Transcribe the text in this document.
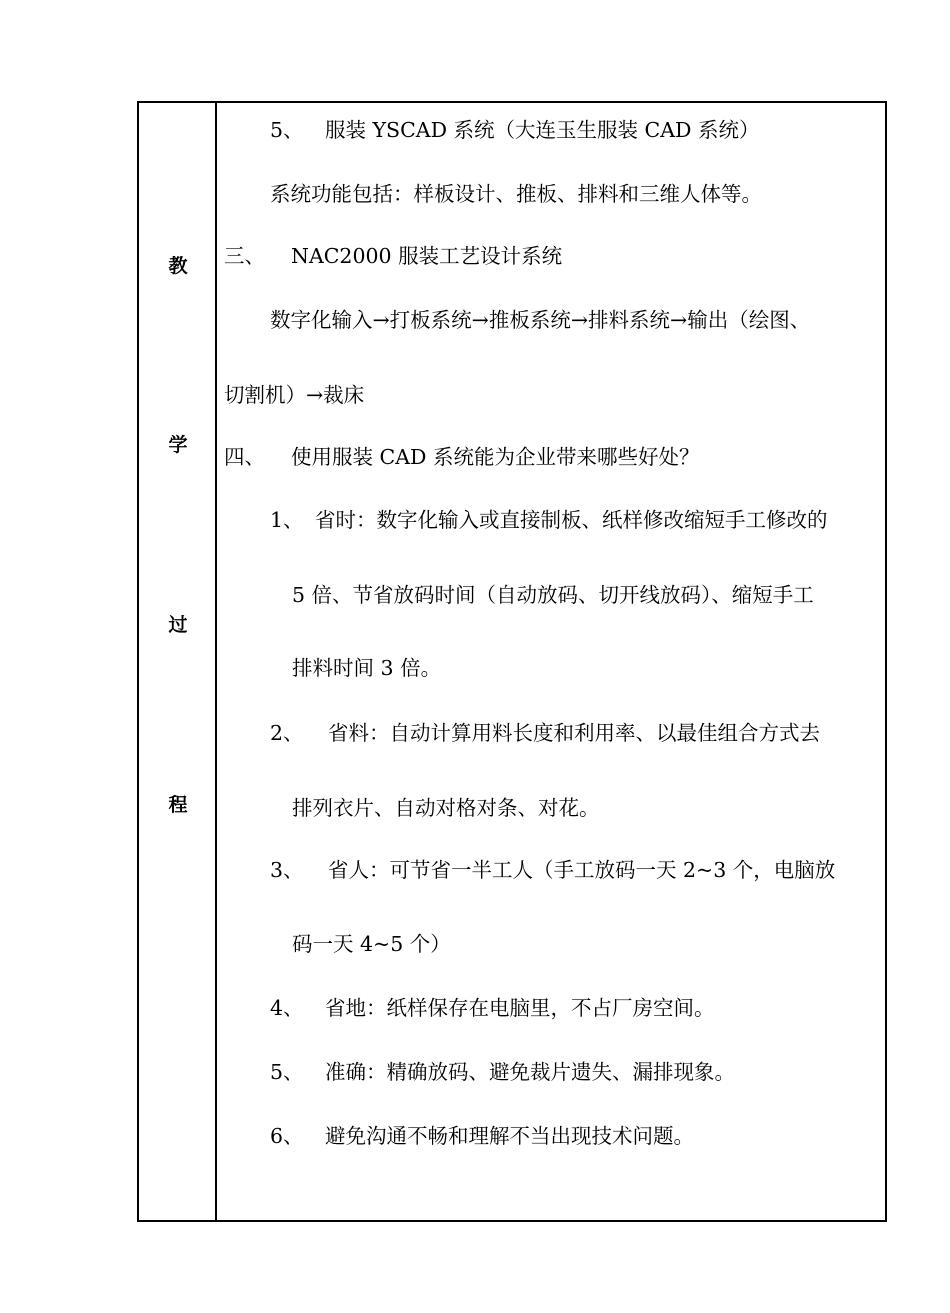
教
学
过
程
5、 服装 YSCAD 系统（大连玉生服装 CAD 系统）
系统功能包括：样板设计、推板、排料和三维人体等。
三、 NAC2000 服装工艺设计系统
数字化输入→打板系统→推板系统→排料系统→输出（绘图、
切割机）→裁床
四、 使用服装 CAD 系统能为企业带来哪些好处？
1、 省时：数字化输入或直接制板、纸样修改缩短手工修改的
5 倍、节省放码时间（自动放码、切开线放码）、缩短手工
排料时间 3 倍。
2、 省料：自动计算用料长度和利用率、以最佳组合方式去
排列衣片、自动对格对条、对花。
3、 省人：可节省一半工人（手工放码一天 2~3 个，电脑放
码一天 4~5 个）
4、 省地：纸样保存在电脑里，不占厂房空间。
5、 准确：精确放码、避免裁片遗失、漏排现象。
6、 避免沟通不畅和理解不当出现技术问题。
